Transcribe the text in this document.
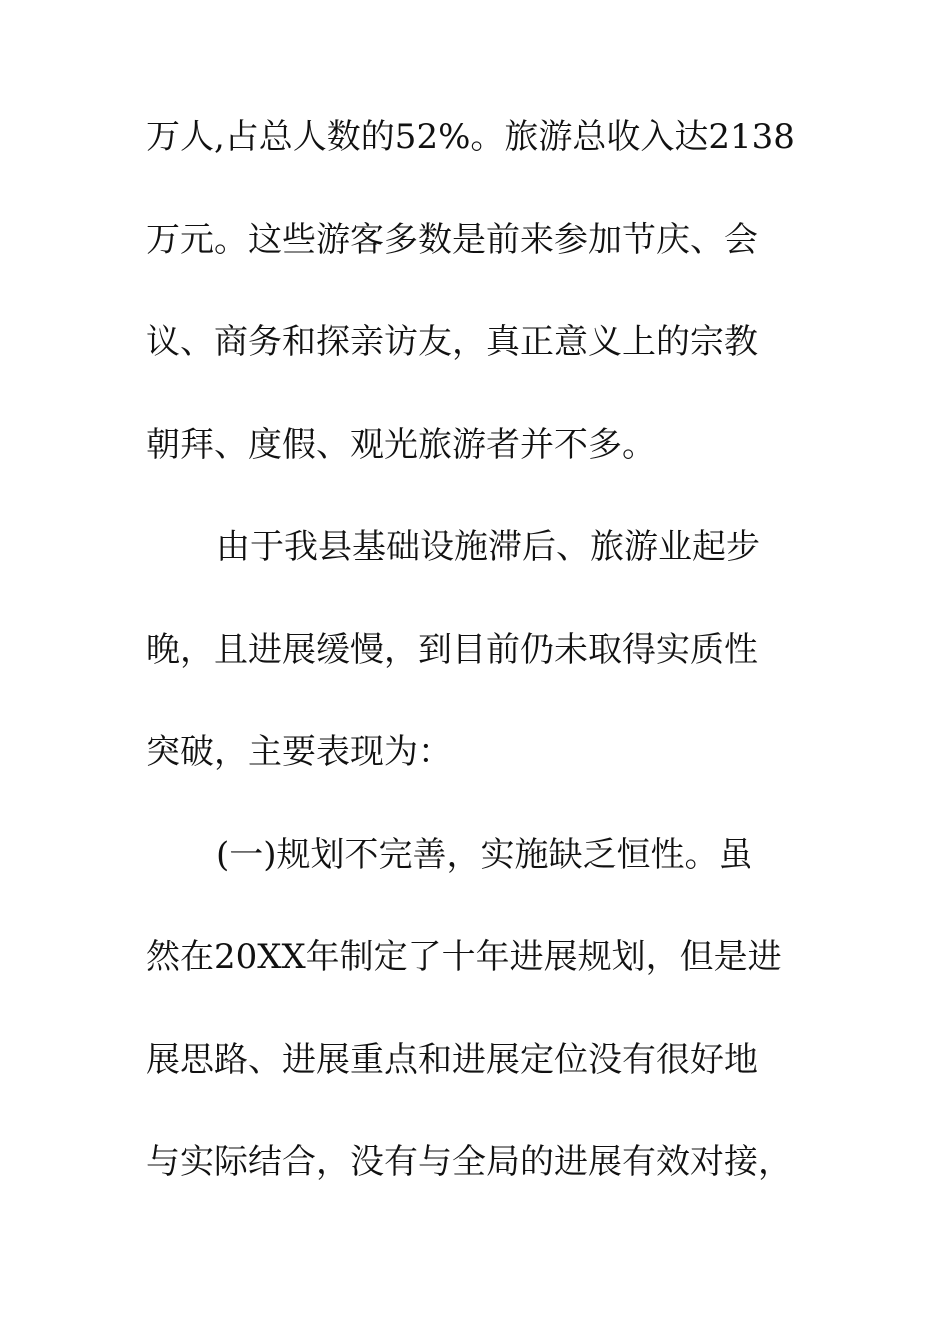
万人,占总人数的52%。旅游总收入达2138
万元。这些游客多数是前来参加节庆、会
议、商务和探亲访友，真正意义上的宗教
朝拜、度假、观光旅游者并不多。
由于我县基础设施滞后、旅游业起步
晚，且进展缓慢，到目前仍未取得实质性
突破，主要表现为：
(一)规划不完善，实施缺乏恒性。虽
然在20XX年制定了十年进展规划，但是进
展思路、进展重点和进展定位没有很好地
与实际结合，没有与全局的进展有效对接，
